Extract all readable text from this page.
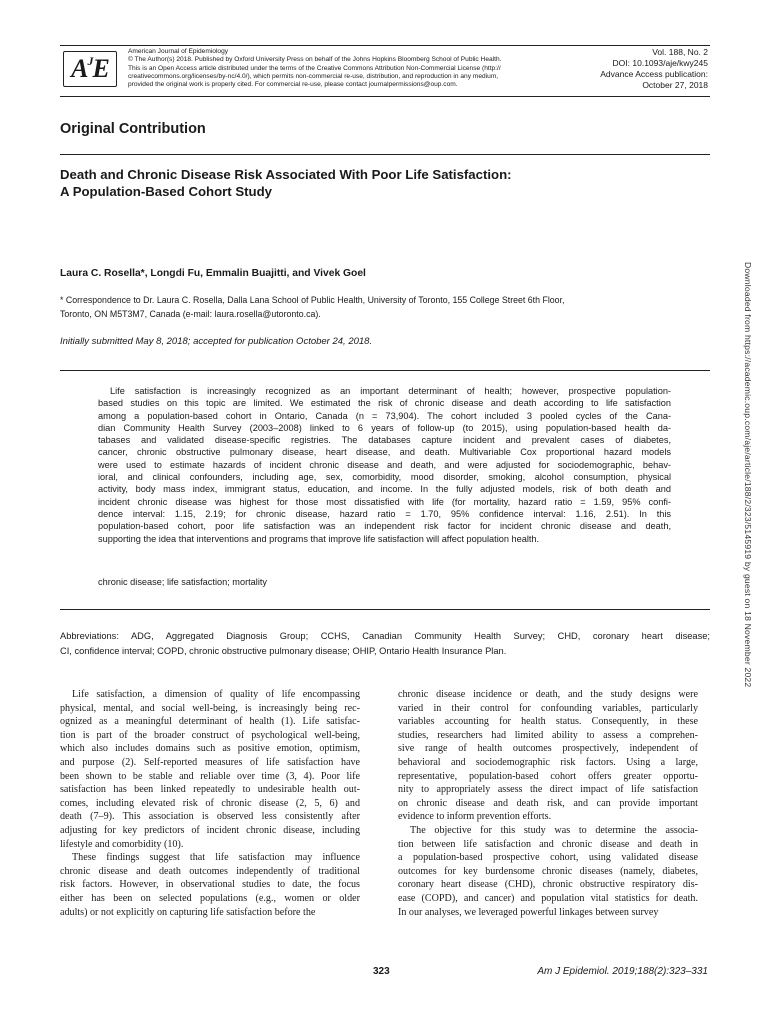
A J E
American Journal of Epidemiology
© The Author(s) 2018. Published by Oxford University Press on behalf of the Johns Hopkins Bloomberg School of Public Health.
This is an Open Access article distributed under the terms of the Creative Commons Attribution Non-Commercial License (http://
creativecommons.org/licenses/by-nc/4.0/), which permits non-commercial re-use, distribution, and reproduction in any medium,
provided the original work is properly cited. For commercial re-use, please contact journalpermissions@oup.com.
Vol. 188, No. 2
DOI: 10.1093/aje/kwy245
Advance Access publication:
October 27, 2018
Original Contribution
Death and Chronic Disease Risk Associated With Poor Life Satisfaction:
A Population-Based Cohort Study
Laura C. Rosella*, Longdi Fu, Emmalin Buajitti, and Vivek Goel
* Correspondence to Dr. Laura C. Rosella, Dalla Lana School of Public Health, University of Toronto, 155 College Street 6th Floor,
Toronto, ON M5T3M7, Canada (e-mail: laura.rosella@utoronto.ca).
Initially submitted May 8, 2018; accepted for publication October 24, 2018.
Life satisfaction is increasingly recognized as an important determinant of health; however, prospective population-
based studies on this topic are limited. We estimated the risk of chronic disease and death according to life satisfaction
among a population-based cohort in Ontario, Canada (n = 73,904). The cohort included 3 pooled cycles of the Cana-
dian Community Health Survey (2003–2008) linked to 6 years of follow-up (to 2015), using population-based health da-
tabases and validated disease-specific registries. The databases capture incident and prevalent cases of diabetes,
cancer, chronic obstructive pulmonary disease, heart disease, and death. Multivariable Cox proportional hazard models
were used to estimate hazards of incident chronic disease and death, and were adjusted for sociodemographic, behav-
ioral, and clinical confounders, including age, sex, comorbidity, mood disorder, smoking, alcohol consumption, physical
activity, body mass index, immigrant status, education, and income. In the fully adjusted models, risk of both death and
incident chronic disease was highest for those most dissatisfied with life (for mortality, hazard ratio = 1.59, 95% confi-
dence interval: 1.15, 2.19; for chronic disease, hazard ratio = 1.70, 95% confidence interval: 1.16, 2.51). In this
population-based cohort, poor life satisfaction was an independent risk factor for incident chronic disease and death,
supporting the idea that interventions and programs that improve life satisfaction will affect population health.
chronic disease; life satisfaction; mortality
Abbreviations: ADG, Aggregated Diagnosis Group; CCHS, Canadian Community Health Survey; CHD, coronary heart disease;
CI, confidence interval; COPD, chronic obstructive pulmonary disease; OHIP, Ontario Health Insurance Plan.
Life satisfaction, a dimension of quality of life encompassing
physical, mental, and social well-being, is increasingly being rec-
ognized as a meaningful determinant of health (1). Life satisfac-
tion is part of the broader construct of psychological well-being,
which also includes domains such as positive emotion, optimism,
and purpose (2). Self-reported measures of life satisfaction have
been shown to be stable and reliable over time (3, 4). Poor life
satisfaction has been linked repeatedly to undesirable health out-
comes, including elevated risk of chronic disease (2, 5, 6) and
death (7–9). This association is observed less consistently after
adjusting for key predictors of incident chronic disease, including
lifestyle and comorbidity (10).
These findings suggest that life satisfaction may influence
chronic disease and death outcomes independently of traditional
risk factors. However, in observational studies to date, the focus
either has been on selected populations (e.g., women or older
adults) or not explicitly on capturing life satisfaction before the
chronic disease incidence or death, and the study designs were
varied in their control for confounding variables, particularly
variables accounting for health status. Consequently, in these
studies, researchers had limited ability to assess a comprehen-
sive range of health outcomes prospectively, independent of
behavioral and sociodemographic risk factors. Using a large,
representative, population-based cohort offers greater opportu-
nity to appropriately assess the direct impact of life satisfaction
on chronic disease and death risk, and can provide important
evidence to inform prevention efforts.
The objective for this study was to determine the associa-
tion between life satisfaction and chronic disease and death in
a population-based prospective cohort, using validated disease
outcomes for key burdensome chronic diseases (namely, diabetes,
coronary heart disease (CHD), chronic obstructive respiratory dis-
ease (COPD), and cancer) and population vital statistics for death.
In our analyses, we leveraged powerful linkages between survey
323	Am J Epidemiol. 2019;188(2):323–331
Downloaded from https://academic.oup.com/aje/article/188/2/323/5145919 by guest on 18 November 2022
